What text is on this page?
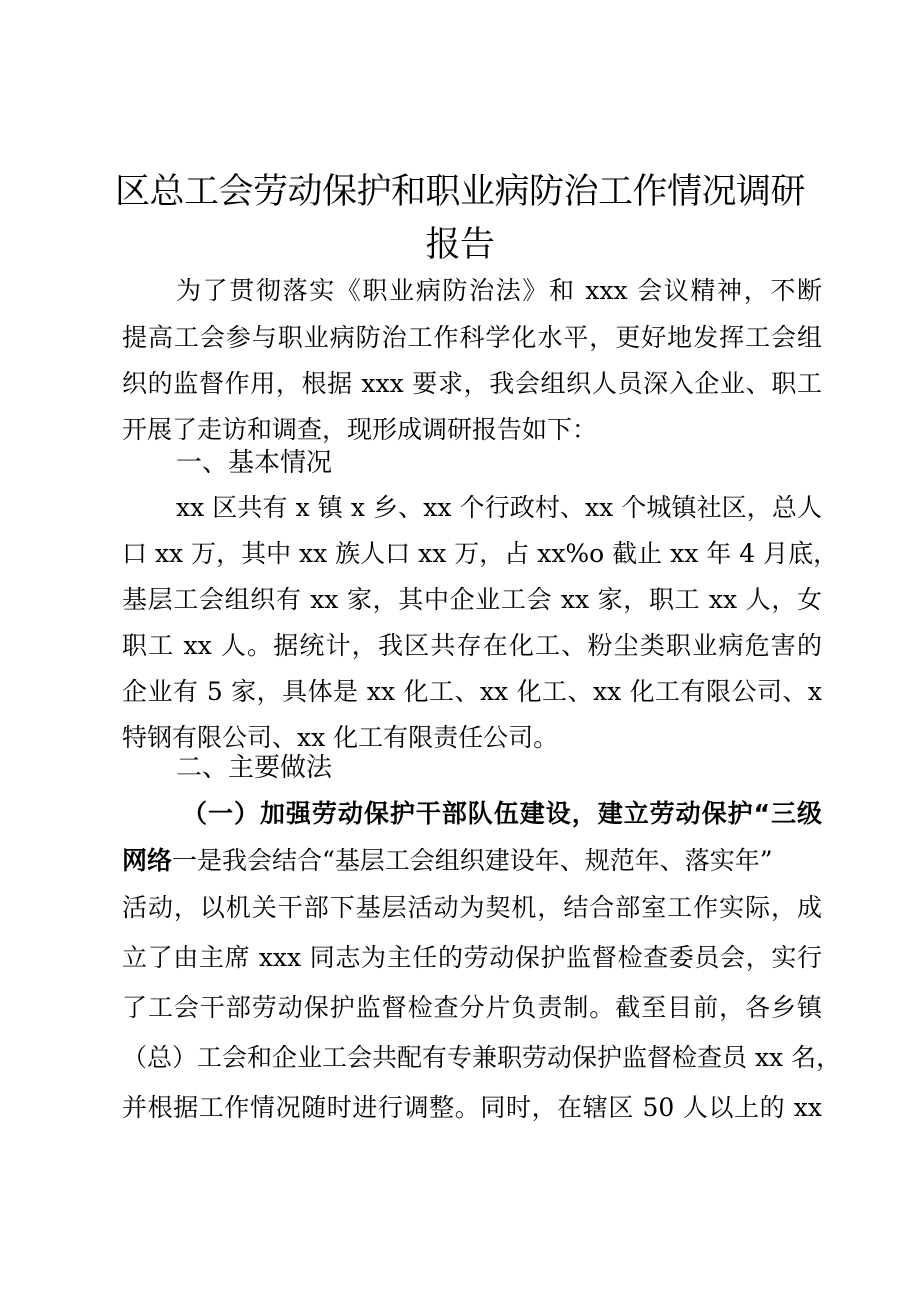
区总工会劳动保护和职业病防治工作情况调研
报告
为了贯彻落实《职业病防治法》和 xxx 会议精神，不断
提高工会参与职业病防治工作科学化水平，更好地发挥工会组
织的监督作用，根据 xxx 要求，我会组织人员深入企业、职工
开展了走访和调查，现形成调研报告如下：
一、基本情况
xx 区共有 x 镇 x 乡、xx 个行政村、xx 个城镇社区，总人
口 xx 万，其中 xx 族人口 xx 万，占 xx%o 截止 xx 年 4 月底，
基层工会组织有 xx 家，其中企业工会 xx 家，职工 xx 人，女
职工 xx 人。据统计，我区共存在化工、粉尘类职业病危害的
企业有 5 家，具体是 xx 化工、xx 化工、xx 化工有限公司、x
特钢有限公司、xx 化工有限责任公司。
二、主要做法
（一）加强劳动保护干部队伍建设，建立劳动保护“三级
网络一是我会结合“基层工会组织建设年、规范年、落实年”
活动，以机关干部下基层活动为契机，结合部室工作实际，成
立了由主席 xxx 同志为主任的劳动保护监督检查委员会，实行
了工会干部劳动保护监督检查分片负责制。截至目前，各乡镇
（总）工会和企业工会共配有专兼职劳动保护监督检查员 xx 名，
并根据工作情况随时进行调整。同时，在辖区 50 人以上的 xx
